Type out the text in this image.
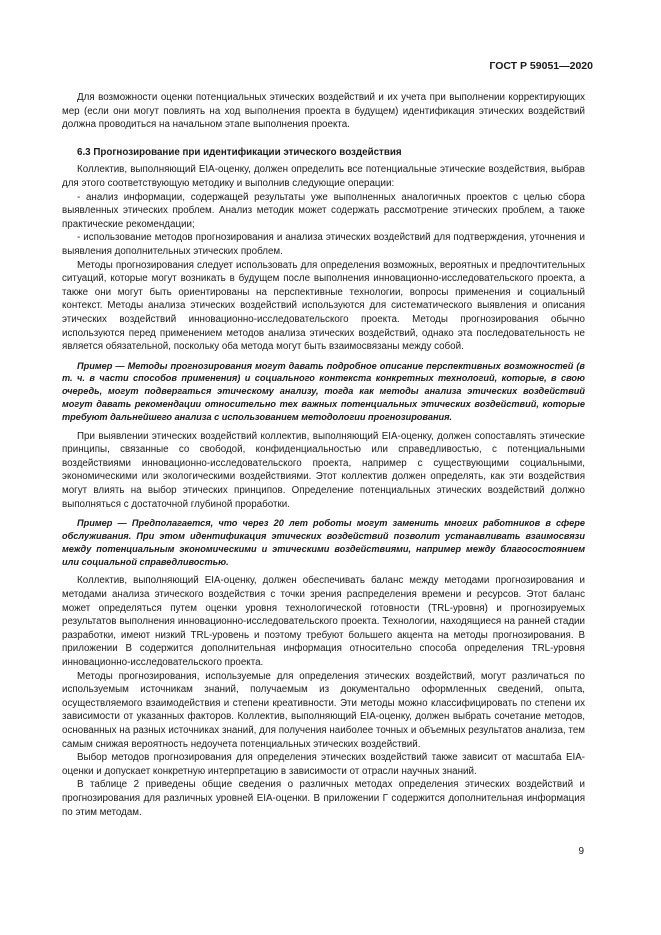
ГОСТ Р 59051—2020

Для возможности оценки потенциальных этических воздействий и их учета при выполнении корректирующих мер (если они могут повлиять на ход выполнения проекта в будущем) идентификация этических воздействий должна проводиться на начальном этапе выполнения проекта.

6.3 Прогнозирование при идентификации этического воздействия

Коллектив, выполняющий EIA-оценку, должен определить все потенциальные этические воздействия, выбрав для этого соответствующую методику и выполнив следующие операции:

- анализ информации, содержащей результаты уже выполненных аналогичных проектов с целью сбора выявленных этических проблем. Анализ методик может содержать рассмотрение этических проблем, а также практические рекомендации;

- использование методов прогнозирования и анализа этических воздействий для подтверждения, уточнения и выявления дополнительных этических проблем.

Методы прогнозирования следует использовать для определения возможных, вероятных и предпочтительных ситуаций, которые могут возникать в будущем после выполнения инновационно-исследовательского проекта, а также они могут быть ориентированы на перспективные технологии, вопросы применения и социальный контекст. Методы анализа этических воздействий используются для систематического выявления и описания этических воздействий инновационно-исследовательского проекта. Методы прогнозирования обычно используются перед применением методов анализа этических воздействий, однако эта последовательность не является обязательной, поскольку оба метода могут быть взаимосвязаны между собой.

Пример — Методы прогнозирования могут давать подробное описание перспективных возможностей (в т. ч. в части способов применения) и социального контекста конкретных технологий, которые, в свою очередь, могут подвергаться этическому анализу, тогда как методы анализа этических воздействий могут давать рекомендации относительно тех важных потенциальных этических воздействий, которые требуют дальнейшего анализа с использованием методологии прогнозирования.

При выявлении этических воздействий коллектив, выполняющий EIA-оценку, должен сопоставлять этические принципы, связанные со свободой, конфиденциальностью или справедливостью, с потенциальными воздействиями инновационно-исследовательского проекта, например с существующими социальными, экономическими или экологическими воздействиями. Этот коллектив должен определять, как эти воздействия могут влиять на выбор этических принципов. Определение потенциальных этических воздействий должно выполняться с достаточной глубиной проработки.

Пример — Предполагается, что через 20 лет роботы могут заменить многих работников в сфере обслуживания. При этом идентификация этических воздействий позволит устанавливать взаимосвязи между потенциальным экономическими и этическими воздействиями, например между благосостоянием или социальной справедливостью.

Коллектив, выполняющий EIA-оценку, должен обеспечивать баланс между методами прогнозирования и методами анализа этического воздействия с точки зрения распределения времени и ресурсов. Этот баланс может определяться путем оценки уровня технологической готовности (TRL-уровня) и прогнозируемых результатов выполнения инновационно-исследовательского проекта. Технологии, находящиеся на ранней стадии разработки, имеют низкий TRL-уровень и поэтому требуют большего акцента на методы прогнозирования. В приложении В содержится дополнительная информация относительно способа определения TRL-уровня инновационно-исследовательского проекта.

Методы прогнозирования, используемые для определения этических воздействий, могут различаться по используемым источникам знаний, получаемым из документально оформленных сведений, опыта, осуществляемого взаимодействия и степени креативности. Эти методы можно классифицировать по степени их зависимости от указанных факторов. Коллектив, выполняющий EIA-оценку, должен выбрать сочетание методов, основанных на разных источниках знаний, для получения наиболее точных и объемных результатов анализа, тем самым снижая вероятность недоучета потенциальных этических воздействий.

Выбор методов прогнозирования для определения этических воздействий также зависит от масштаба EIA-оценки и допускает конкретную интерпретацию в зависимости от отрасли научных знаний.

В таблице 2 приведены общие сведения о различных методах определения этических воздействий и прогнозирования для различных уровней EIA-оценки. В приложении Г содержится дополнительная информация по этим методам.

9
